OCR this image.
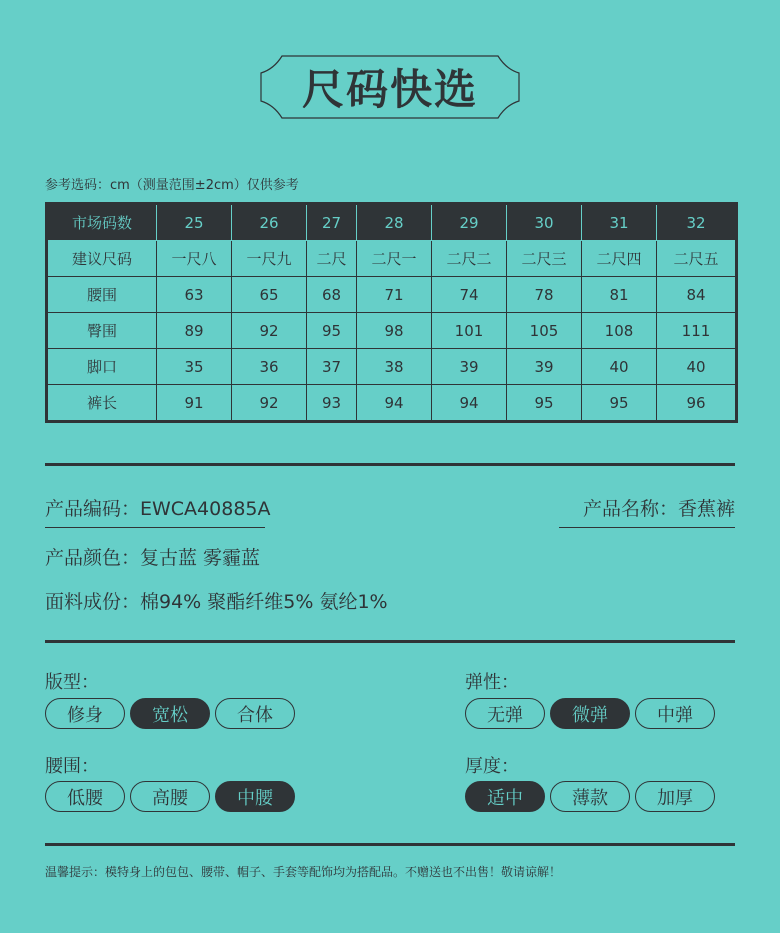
尺码快选
参考选码：cm（测量范围±2cm）仅供参考
市场码数	25	26	27	28	29	30	31	32
建议尺码	一尺八	一尺九	二尺	二尺一	二尺二	二尺三	二尺四	二尺五
腰围	63	65	68	71	74	78	81	84
臀围	89	92	95	98	101	105	108	111
脚口	35	36	37	38	39	39	40	40
裤长	91	92	93	94	94	95	95	96
产品编码：EWCA40885A	产品名称：香蕉裤
产品颜色：复古蓝 雾霾蓝
面料成份：棉94% 聚酯纤维5% 氨纶1%
版型：
修身	宽松	合体
弹性：
无弹	微弹	中弹
腰围：
低腰	高腰	中腰
厚度：
适中	薄款	加厚
温馨提示：模特身上的包包、腰带、帽子、手套等配饰均为搭配品。不赠送也不出售！敬请谅解！
